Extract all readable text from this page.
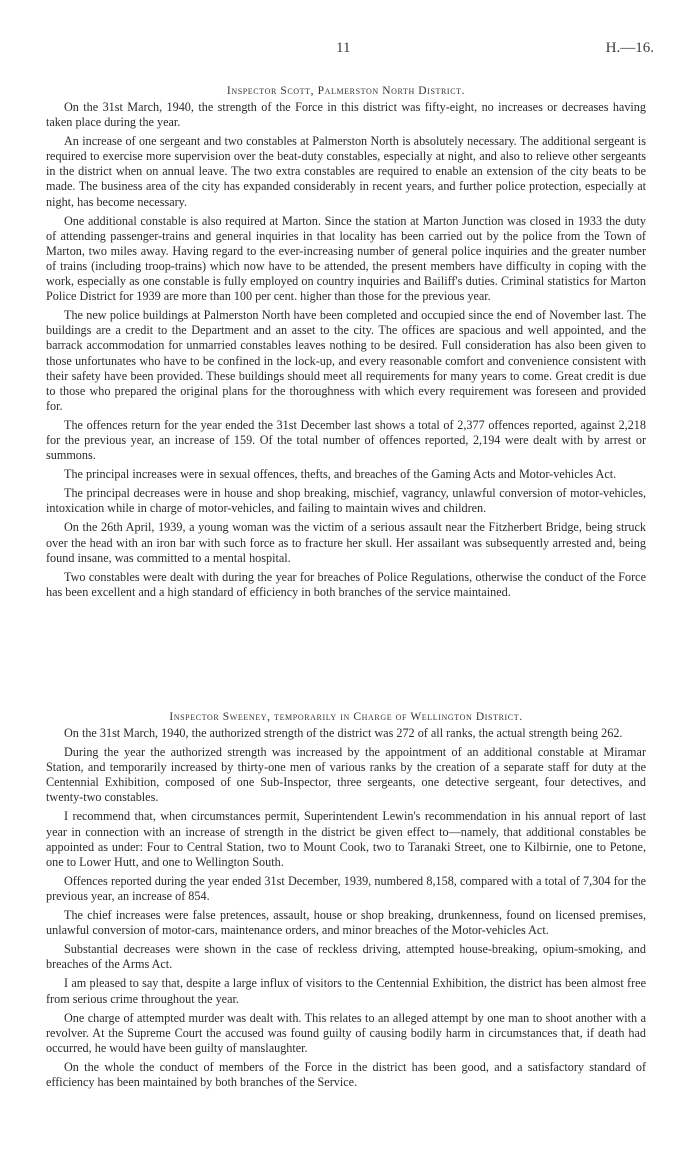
11	H.—16.
Inspector Scott, Palmerston North District.

On the 31st March, 1940, the strength of the Force in this district was fifty-eight, no increases or decreases having taken place during the year.

An increase of one sergeant and two constables at Palmerston North is absolutely necessary. The additional sergeant is required to exercise more supervision over the beat-duty constables, especially at night, and also to relieve other sergeants in the district when on annual leave. The two extra constables are required to enable an extension of the city beats to be made. The business area of the city has expanded considerably in recent years, and further police protection, especially at night, has become necessary.

One additional constable is also required at Marton. Since the station at Marton Junction was closed in 1933 the duty of attending passenger-trains and general inquiries in that locality has been carried out by the police from the Town of Marton, two miles away. Having regard to the ever-increasing number of general police inquiries and the greater number of trains (including troop-trains) which now have to be attended, the present members have difficulty in coping with the work, especially as one constable is fully employed on country inquiries and Bailiff's duties. Criminal statistics for Marton Police District for 1939 are more than 100 per cent. higher than those for the previous year.

The new police buildings at Palmerston North have been completed and occupied since the end of November last. The buildings are a credit to the Department and an asset to the city. The offices are spacious and well appointed, and the barrack accommodation for unmarried constables leaves nothing to be desired. Full consideration has also been given to those unfortunates who have to be confined in the lock-up, and every reasonable comfort and convenience consistent with their safety have been provided. These buildings should meet all requirements for many years to come. Great credit is due to those who prepared the original plans for the thoroughness with which every requirement was foreseen and provided for.

The offences return for the year ended the 31st December last shows a total of 2,377 offences reported, against 2,218 for the previous year, an increase of 159. Of the total number of offences reported, 2,194 were dealt with by arrest or summons.

The principal increases were in sexual offences, thefts, and breaches of the Gaming Acts and Motor-vehicles Act.

The principal decreases were in house and shop breaking, mischief, vagrancy, unlawful conversion of motor-vehicles, intoxication while in charge of motor-vehicles, and failing to maintain wives and children.

On the 26th April, 1939, a young woman was the victim of a serious assault near the Fitzherbert Bridge, being struck over the head with an iron bar with such force as to fracture her skull. Her assailant was subsequently arrested and, being found insane, was committed to a mental hospital.

Two constables were dealt with during the year for breaches of Police Regulations, otherwise the conduct of the Force has been excellent and a high standard of efficiency in both branches of the service maintained.

Inspector Sweeney, temporarily in Charge of Wellington District.

On the 31st March, 1940, the authorized strength of the district was 272 of all ranks, the actual strength being 262.

During the year the authorized strength was increased by the appointment of an additional constable at Miramar Station, and temporarily increased by thirty-one men of various ranks by the creation of a separate staff for duty at the Centennial Exhibition, composed of one Sub-Inspector, three sergeants, one detective sergeant, four detectives, and twenty-two constables.

I recommend that, when circumstances permit, Superintendent Lewin's recommendation in his annual report of last year in connection with an increase of strength in the district be given effect to—namely, that additional constables be appointed as under: Four to Central Station, two to Mount Cook, two to Taranaki Street, one to Kilbirnie, one to Petone, one to Lower Hutt, and one to Wellington South.

Offences reported during the year ended 31st December, 1939, numbered 8,158, compared with a total of 7,304 for the previous year, an increase of 854.

The chief increases were false pretences, assault, house or shop breaking, drunkenness, found on licensed premises, unlawful conversion of motor-cars, maintenance orders, and minor breaches of the Motor-vehicles Act.

Substantial decreases were shown in the case of reckless driving, attempted house-breaking, opium-smoking, and breaches of the Arms Act.

I am pleased to say that, despite a large influx of visitors to the Centennial Exhibition, the district has been almost free from serious crime throughout the year.

One charge of attempted murder was dealt with. This relates to an alleged attempt by one man to shoot another with a revolver. At the Supreme Court the accused was found guilty of causing bodily harm in circumstances that, if death had occurred, he would have been guilty of manslaughter.

On the whole the conduct of members of the Force in the district has been good, and a satisfactory standard of efficiency has been maintained by both branches of the Service.
